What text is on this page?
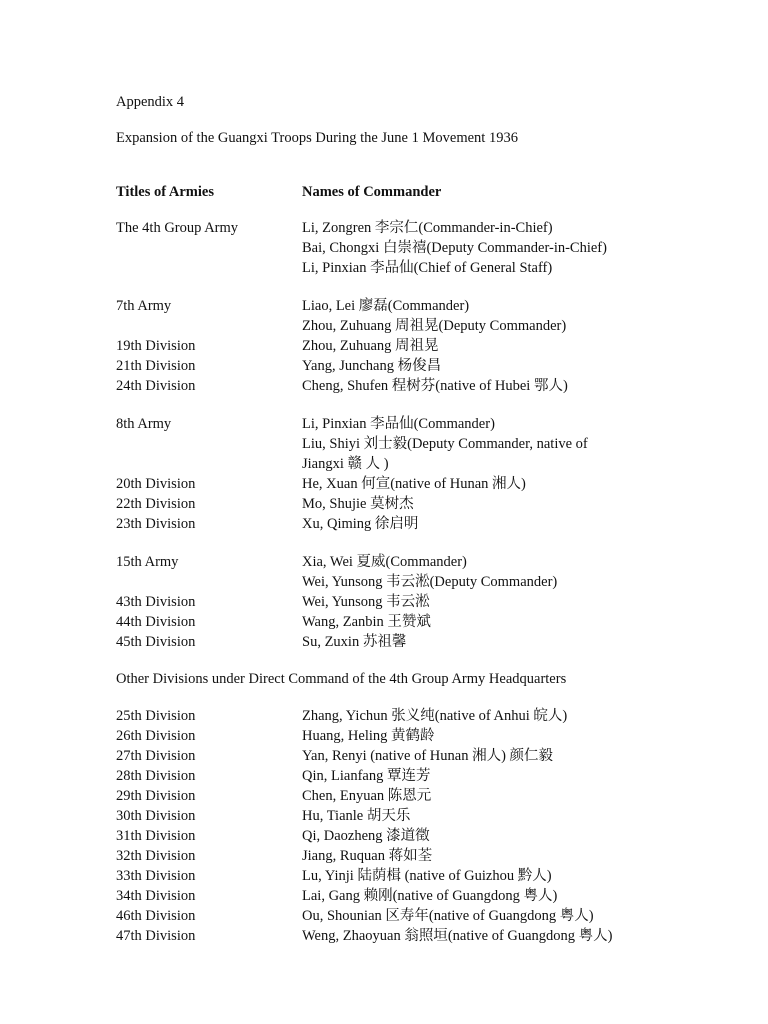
Appendix 4
Expansion of the Guangxi Troops During the June 1 Movement 1936
Titles of Armies	Names of Commander
The 4th Group Army	Li, Zongren 李宗仁(Commander-in-Chief)
Bai, Chongxi 白崇禧(Deputy Commander-in-Chief)
Li, Pinxian 李品仙(Chief of General Staff)
7th Army	Liao, Lei 廖磊(Commander)
Zhou, Zuhuang 周祖晃(Deputy Commander)
19th Division	Zhou, Zuhuang 周祖晃
21th Division	Yang, Junchang 杨俊昌
24th Division	Cheng, Shufen 程树芬(native of Hubei 鄂人)
8th Army	Li, Pinxian 李品仙(Commander)
Liu, Shiyi 刘士毅(Deputy Commander, native of
Jiangxi 赣 人 )
20th Division	He, Xuan 何宣(native of Hunan 湘人)
22th Division	Mo, Shujie 莫树杰
23th Division	Xu, Qiming 徐启明
15th Army	Xia, Wei 夏威(Commander)
Wei, Yunsong 韦云淞(Deputy Commander)
43th Division	Wei, Yunsong 韦云淞
44th Division	Wang, Zanbin 王赞斌
45th Division	Su, Zuxin 苏祖馨
Other Divisions under Direct Command of the 4th Group Army Headquarters
25th Division	Zhang, Yichun 张义纯(native of Anhui 皖人)
26th Division	Huang, Heling 黄鹤龄
27th Division	Yan, Renyi (native of Hunan 湘人) 颜仁毅
28th Division	Qin, Lianfang 覃连芳
29th Division	Chen, Enyuan 陈恩元
30th Division	Hu, Tianle 胡天乐
31th Division	Qi, Daozheng 漆道徵
32th Division	Jiang, Ruquan 蒋如荃
33th Division	Lu, Yinji 陆荫楫 (native of Guizhou 黔人)
34th Division	Lai, Gang 赖刚(native of Guangdong 粤人)
46th Division	Ou, Shounian 区寿年(native of Guangdong 粤人)
47th Division	Weng, Zhaoyuan 翁照垣(native of Guangdong 粤人)
